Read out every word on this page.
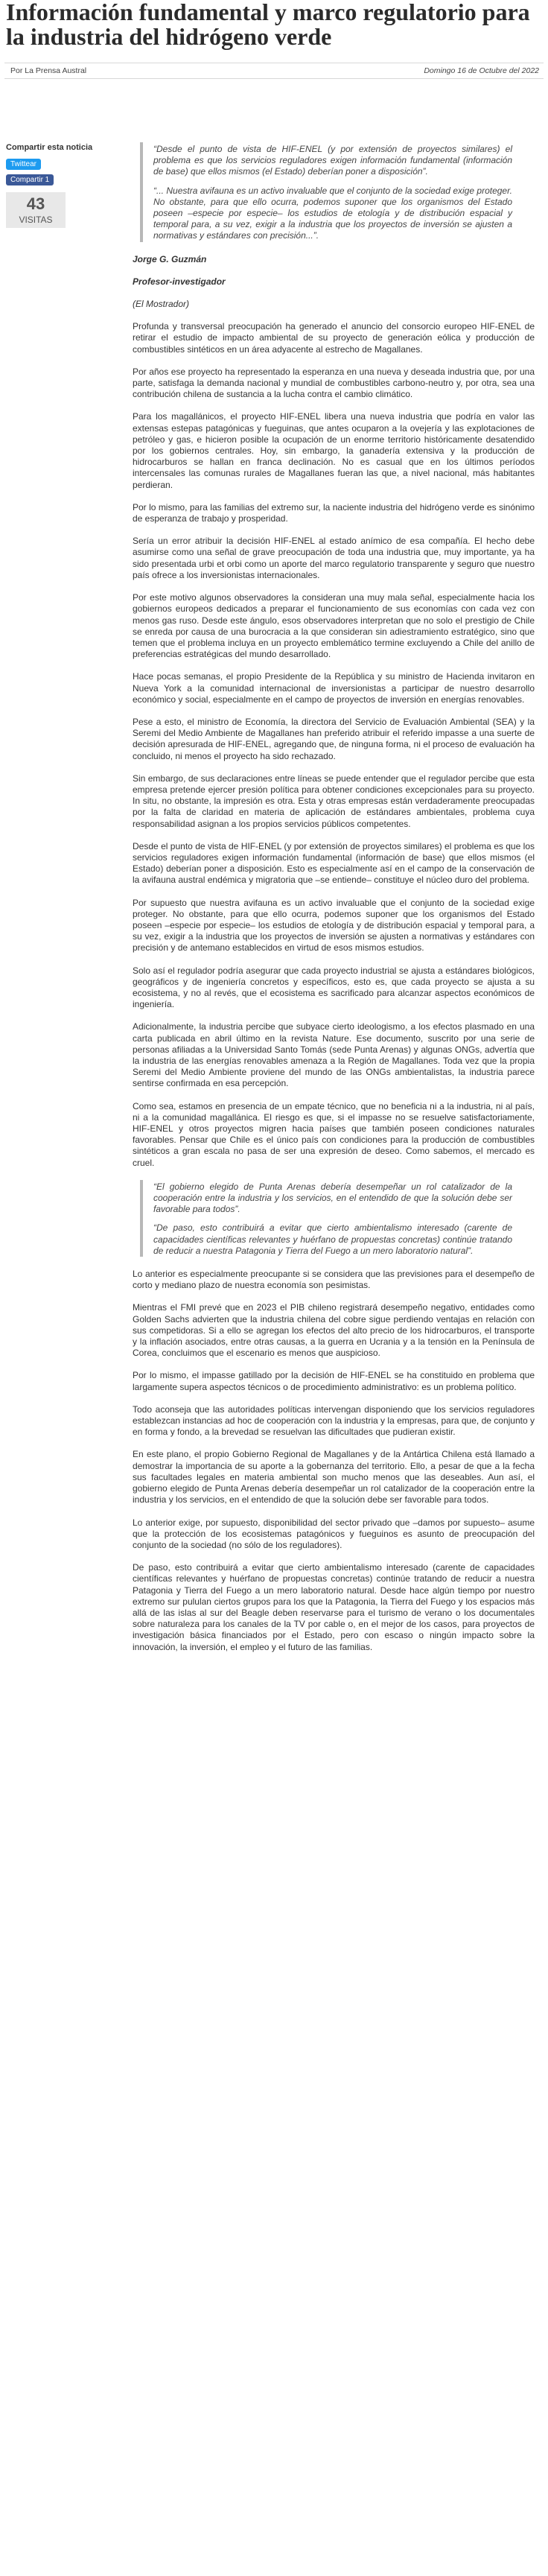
Información fundamental y marco regulatorio para la industria del hidrógeno verde
Por La Prensa Austral	Domingo 16 de Octubre del 2022
Compartir esta noticia
Twittear
Compartir 1
43
VISITAS

“Desde el punto de vista de HIF-ENEL (y por extensión de proyectos similares) el problema es que los servicios reguladores exigen información fundamental (información de base) que ellos mismos (el Estado) deberían poner a disposición”.

“... Nuestra avifauna es un activo invaluable que el conjunto de la sociedad exige proteger. No obstante, para que ello ocurra, podemos suponer que los organismos del Estado poseen –especie por especie– los estudios de etología y de distribución espacial y temporal para, a su vez, exigir a la industria que los proyectos de inversión se ajusten a normativas y estándares con precisión...”.

Jorge G. Guzmán

Profesor-investigador

(El Mostrador)

Profunda y transversal preocupación ha generado el anuncio del consorcio europeo HIF-ENEL de retirar el estudio de impacto ambiental de su proyecto de generación eólica y producción de combustibles sintéticos en un área adyacente al estrecho de Magallanes.

Por años ese proyecto ha representado la esperanza en una nueva y deseada industria que, por una parte, satisfaga la demanda nacional y mundial de combustibles carbono-neutro y, por otra, sea una contribución chilena de sustancia a la lucha contra el cambio climático.

Para los magallánicos, el proyecto HIF-ENEL libera una nueva industria que podría en valor las extensas estepas patagónicas y fueguinas, que antes ocuparon a la ovejería y las explotaciones de petróleo y gas, e hicieron posible la ocupación de un enorme territorio históricamente desatendido por los gobiernos centrales. Hoy, sin embargo, la ganadería extensiva y la producción de hidrocarburos se hallan en franca declinación. No es casual que en los últimos períodos intercensales las comunas rurales de Magallanes fueran las que, a nivel nacional, más habitantes perdieran.

Por lo mismo, para las familias del extremo sur, la naciente industria del hidrógeno verde es sinónimo de esperanza de trabajo y prosperidad.

Sería un error atribuir la decisión HIF-ENEL al estado anímico de esa compañía. El hecho debe asumirse como una señal de grave preocupación de toda una industria que, muy importante, ya ha sido presentada urbi et orbi como un aporte del marco regulatorio transparente y seguro que nuestro país ofrece a los inversionistas internacionales.

Por este motivo algunos observadores la consideran una muy mala señal, especialmente hacia los gobiernos europeos dedicados a preparar el funcionamiento de sus economías con cada vez con menos gas ruso. Desde este ángulo, esos observadores interpretan que no solo el prestigio de Chile se enreda por causa de una burocracia a la que consideran sin adiestramiento estratégico, sino que temen que el problema incluya en un proyecto emblemático termine excluyendo a Chile del anillo de preferencias estratégicas del mundo desarrollado.

Hace pocas semanas, el propio Presidente de la República y su ministro de Hacienda invitaron en Nueva York a la comunidad internacional de inversionistas a participar de nuestro desarrollo económico y social, especialmente en el campo de proyectos de inversión en energías renovables.

Pese a esto, el ministro de Economía, la directora del Servicio de Evaluación Ambiental (SEA) y la Seremi del Medio Ambiente de Magallanes han preferido atribuir el referido impasse a una suerte de decisión apresurada de HIF-ENEL, agregando que, de ninguna forma, ni el proceso de evaluación ha concluido, ni menos el proyecto ha sido rechazado.

Sin embargo, de sus declaraciones entre líneas se puede entender que el regulador percibe que esta empresa pretende ejercer presión política para obtener condiciones excepcionales para su proyecto. In situ, no obstante, la impresión es otra. Esta y otras empresas están verdaderamente preocupadas por la falta de claridad en materia de aplicación de estándares ambientales, problema cuya responsabilidad asignan a los propios servicios públicos competentes.

Desde el punto de vista de HIF-ENEL (y por extensión de proyectos similares) el problema es que los servicios reguladores exigen información fundamental (información de base) que ellos mismos (el Estado) deberían poner a disposición. Esto es especialmente así en el campo de la conservación de la avifauna austral endémica y migratoria que –se entiende– constituye el núcleo duro del problema.

Por supuesto que nuestra avifauna es un activo invaluable que el conjunto de la sociedad exige proteger. No obstante, para que ello ocurra, podemos suponer que los organismos del Estado poseen –especie por especie– los estudios de etología y de distribución espacial y temporal para, a su vez, exigir a la industria que los proyectos de inversión se ajusten a normativas y estándares con precisión y de antemano establecidos en virtud de esos mismos estudios.

Solo así el regulador podría asegurar que cada proyecto industrial se ajusta a estándares biológicos, geográficos y de ingeniería concretos y específicos, esto es, que cada proyecto se ajusta a su ecosistema, y no al revés, que el ecosistema es sacrificado para alcanzar aspectos económicos de ingeniería.

Adicionalmente, la industria percibe que subyace cierto ideologismo, a los efectos plasmado en una carta publicada en abril último en la revista Nature. Ese documento, suscrito por una serie de personas afiliadas a la Universidad Santo Tomás (sede Punta Arenas) y algunas ONGs, advertía que la industria de las energías renovables amenaza a la Región de Magallanes. Toda vez que la propia Seremi del Medio Ambiente proviene del mundo de las ONGs ambientalistas, la industria parece sentirse confirmada en esa percepción.

Como sea, estamos en presencia de un empate técnico, que no beneficia ni a la industria, ni al país, ni a la comunidad magallánica. El riesgo es que, si el impasse no se resuelve satisfactoriamente, HIF-ENEL y otros proyectos migren hacia países que también poseen condiciones naturales favorables. Pensar que Chile es el único país con condiciones para la producción de combustibles sintéticos a gran escala no pasa de ser una expresión de deseo. Como sabemos, el mercado es cruel.

“El gobierno elegido de Punta Arenas debería desempeñar un rol catalizador de la cooperación entre la industria y los servicios, en el entendido de que la solución debe ser favorable para todos”.

“De paso, esto contribuirá a evitar que cierto ambientalismo interesado (carente de capacidades científicas relevantes y huérfano de propuestas concretas) continúe tratando de reducir a nuestra Patagonia y Tierra del Fuego a un mero laboratorio natural”.

Lo anterior es especialmente preocupante si se considera que las previsiones para el desempeño de corto y mediano plazo de nuestra economía son pesimistas.

Mientras el FMI prevé que en 2023 el PIB chileno registrará desempeño negativo, entidades como Golden Sachs advierten que la industria chilena del cobre sigue perdiendo ventajas en relación con sus competidoras. Si a ello se agregan los efectos del alto precio de los hidrocarburos, el transporte y la inflación asociados, entre otras causas, a la guerra en Ucrania y a la tensión en la Península de Corea, concluimos que el escenario es menos que auspicioso.

Por lo mismo, el impasse gatillado por la decisión de HIF-ENEL se ha constituido en problema que largamente supera aspectos técnicos o de procedimiento administrativo: es un problema político.

Todo aconseja que las autoridades políticas intervengan disponiendo que los servicios reguladores establezcan instancias ad hoc de cooperación con la industria y la empresas, para que, de conjunto y en forma y fondo, a la brevedad se resuelvan las dificultades que pudieran existir.

En este plano, el propio Gobierno Regional de Magallanes y de la Antártica Chilena está llamado a demostrar la importancia de su aporte a la gobernanza del territorio. Ello, a pesar de que a la fecha sus facultades legales en materia ambiental son mucho menos que las deseables. Aun así, el gobierno elegido de Punta Arenas debería desempeñar un rol catalizador de la cooperación entre la industria y los servicios, en el entendido de que la solución debe ser favorable para todos.

Lo anterior exige, por supuesto, disponibilidad del sector privado que –damos por supuesto– asume que la protección de los ecosistemas patagónicos y fueguinos es asunto de preocupación del conjunto de la sociedad (no sólo de los reguladores).

De paso, esto contribuirá a evitar que cierto ambientalismo interesado (carente de capacidades científicas relevantes y huérfano de propuestas concretas) continúe tratando de reducir a nuestra Patagonia y Tierra del Fuego a un mero laboratorio natural. Desde hace algún tiempo por nuestro extremo sur pululan ciertos grupos para los que la Patagonia, la Tierra del Fuego y los espacios más allá de las islas al sur del Beagle deben reservarse para el turismo de verano o los documentales sobre naturaleza para los canales de la TV por cable o, en el mejor de los casos, para proyectos de investigación básica financiados por el Estado, pero con escaso o ningún impacto sobre la innovación, la inversión, el empleo y el futuro de las familias.
